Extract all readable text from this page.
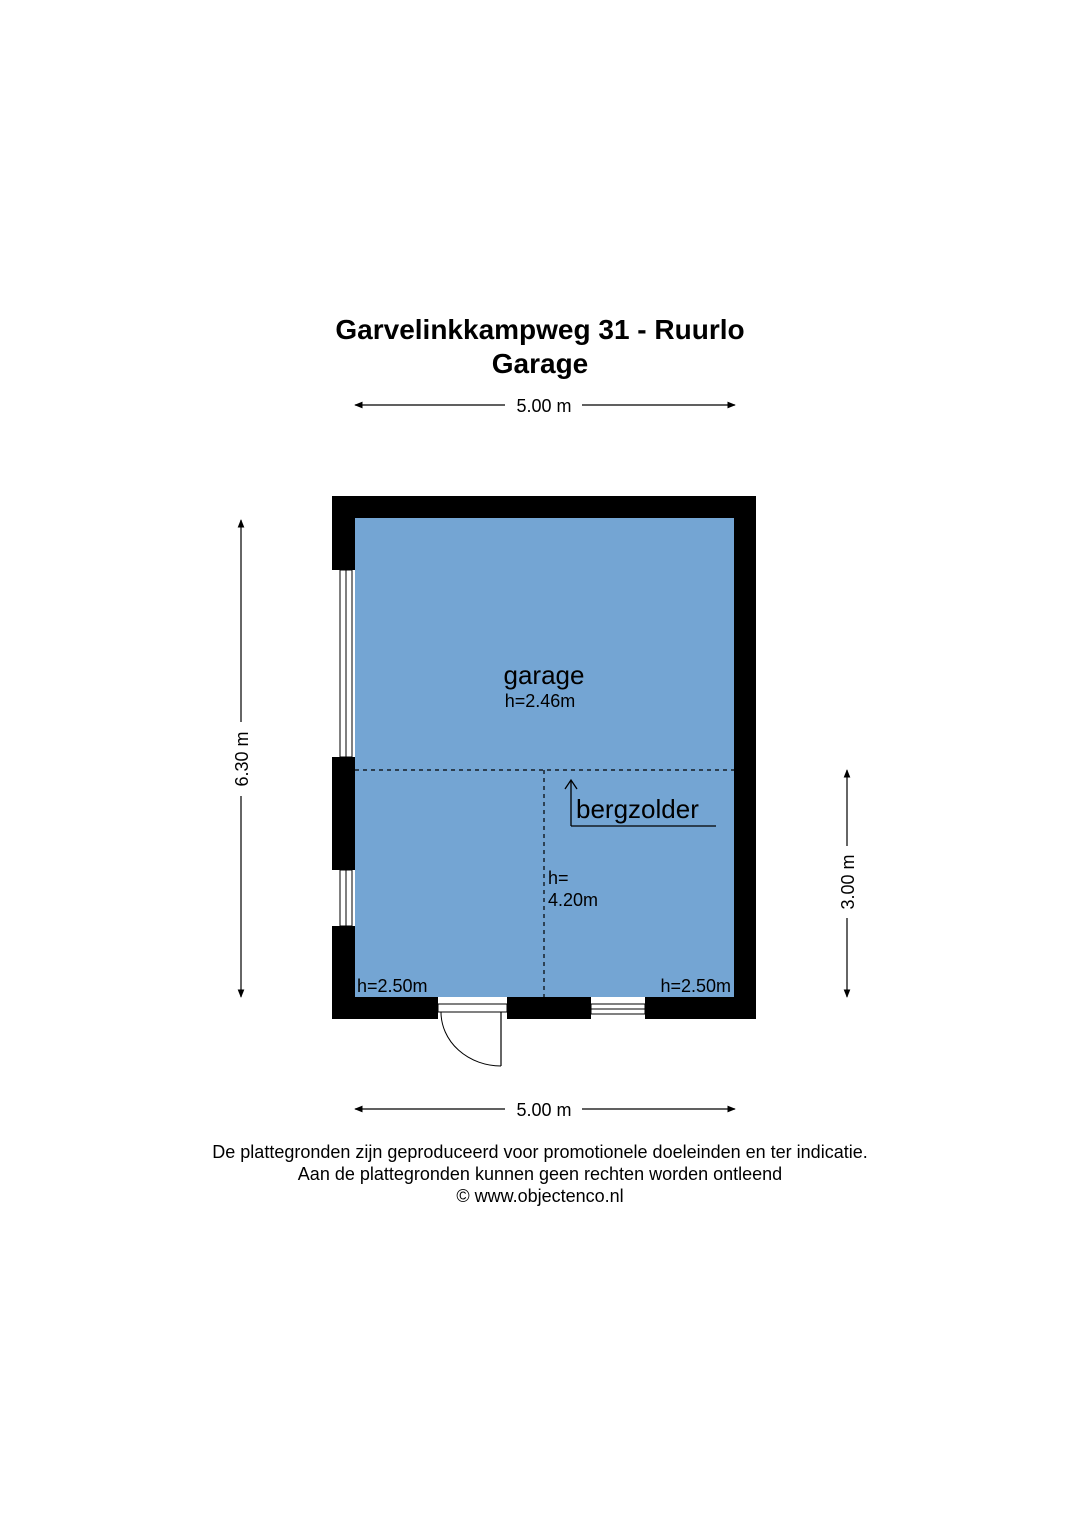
Garvelinkkampweg 31 - Ruurlo
Garage
5.00 m
6.30 m
3.00 m
garage
h=2.46m
bergzolder
h=
4.20m
h=2.50m	h=2.50m
5.00 m
De plattegronden zijn geproduceerd voor promotionele doeleinden en ter indicatie.
Aan de plattegronden kunnen geen rechten worden ontleend
© www.objectenco.nl
